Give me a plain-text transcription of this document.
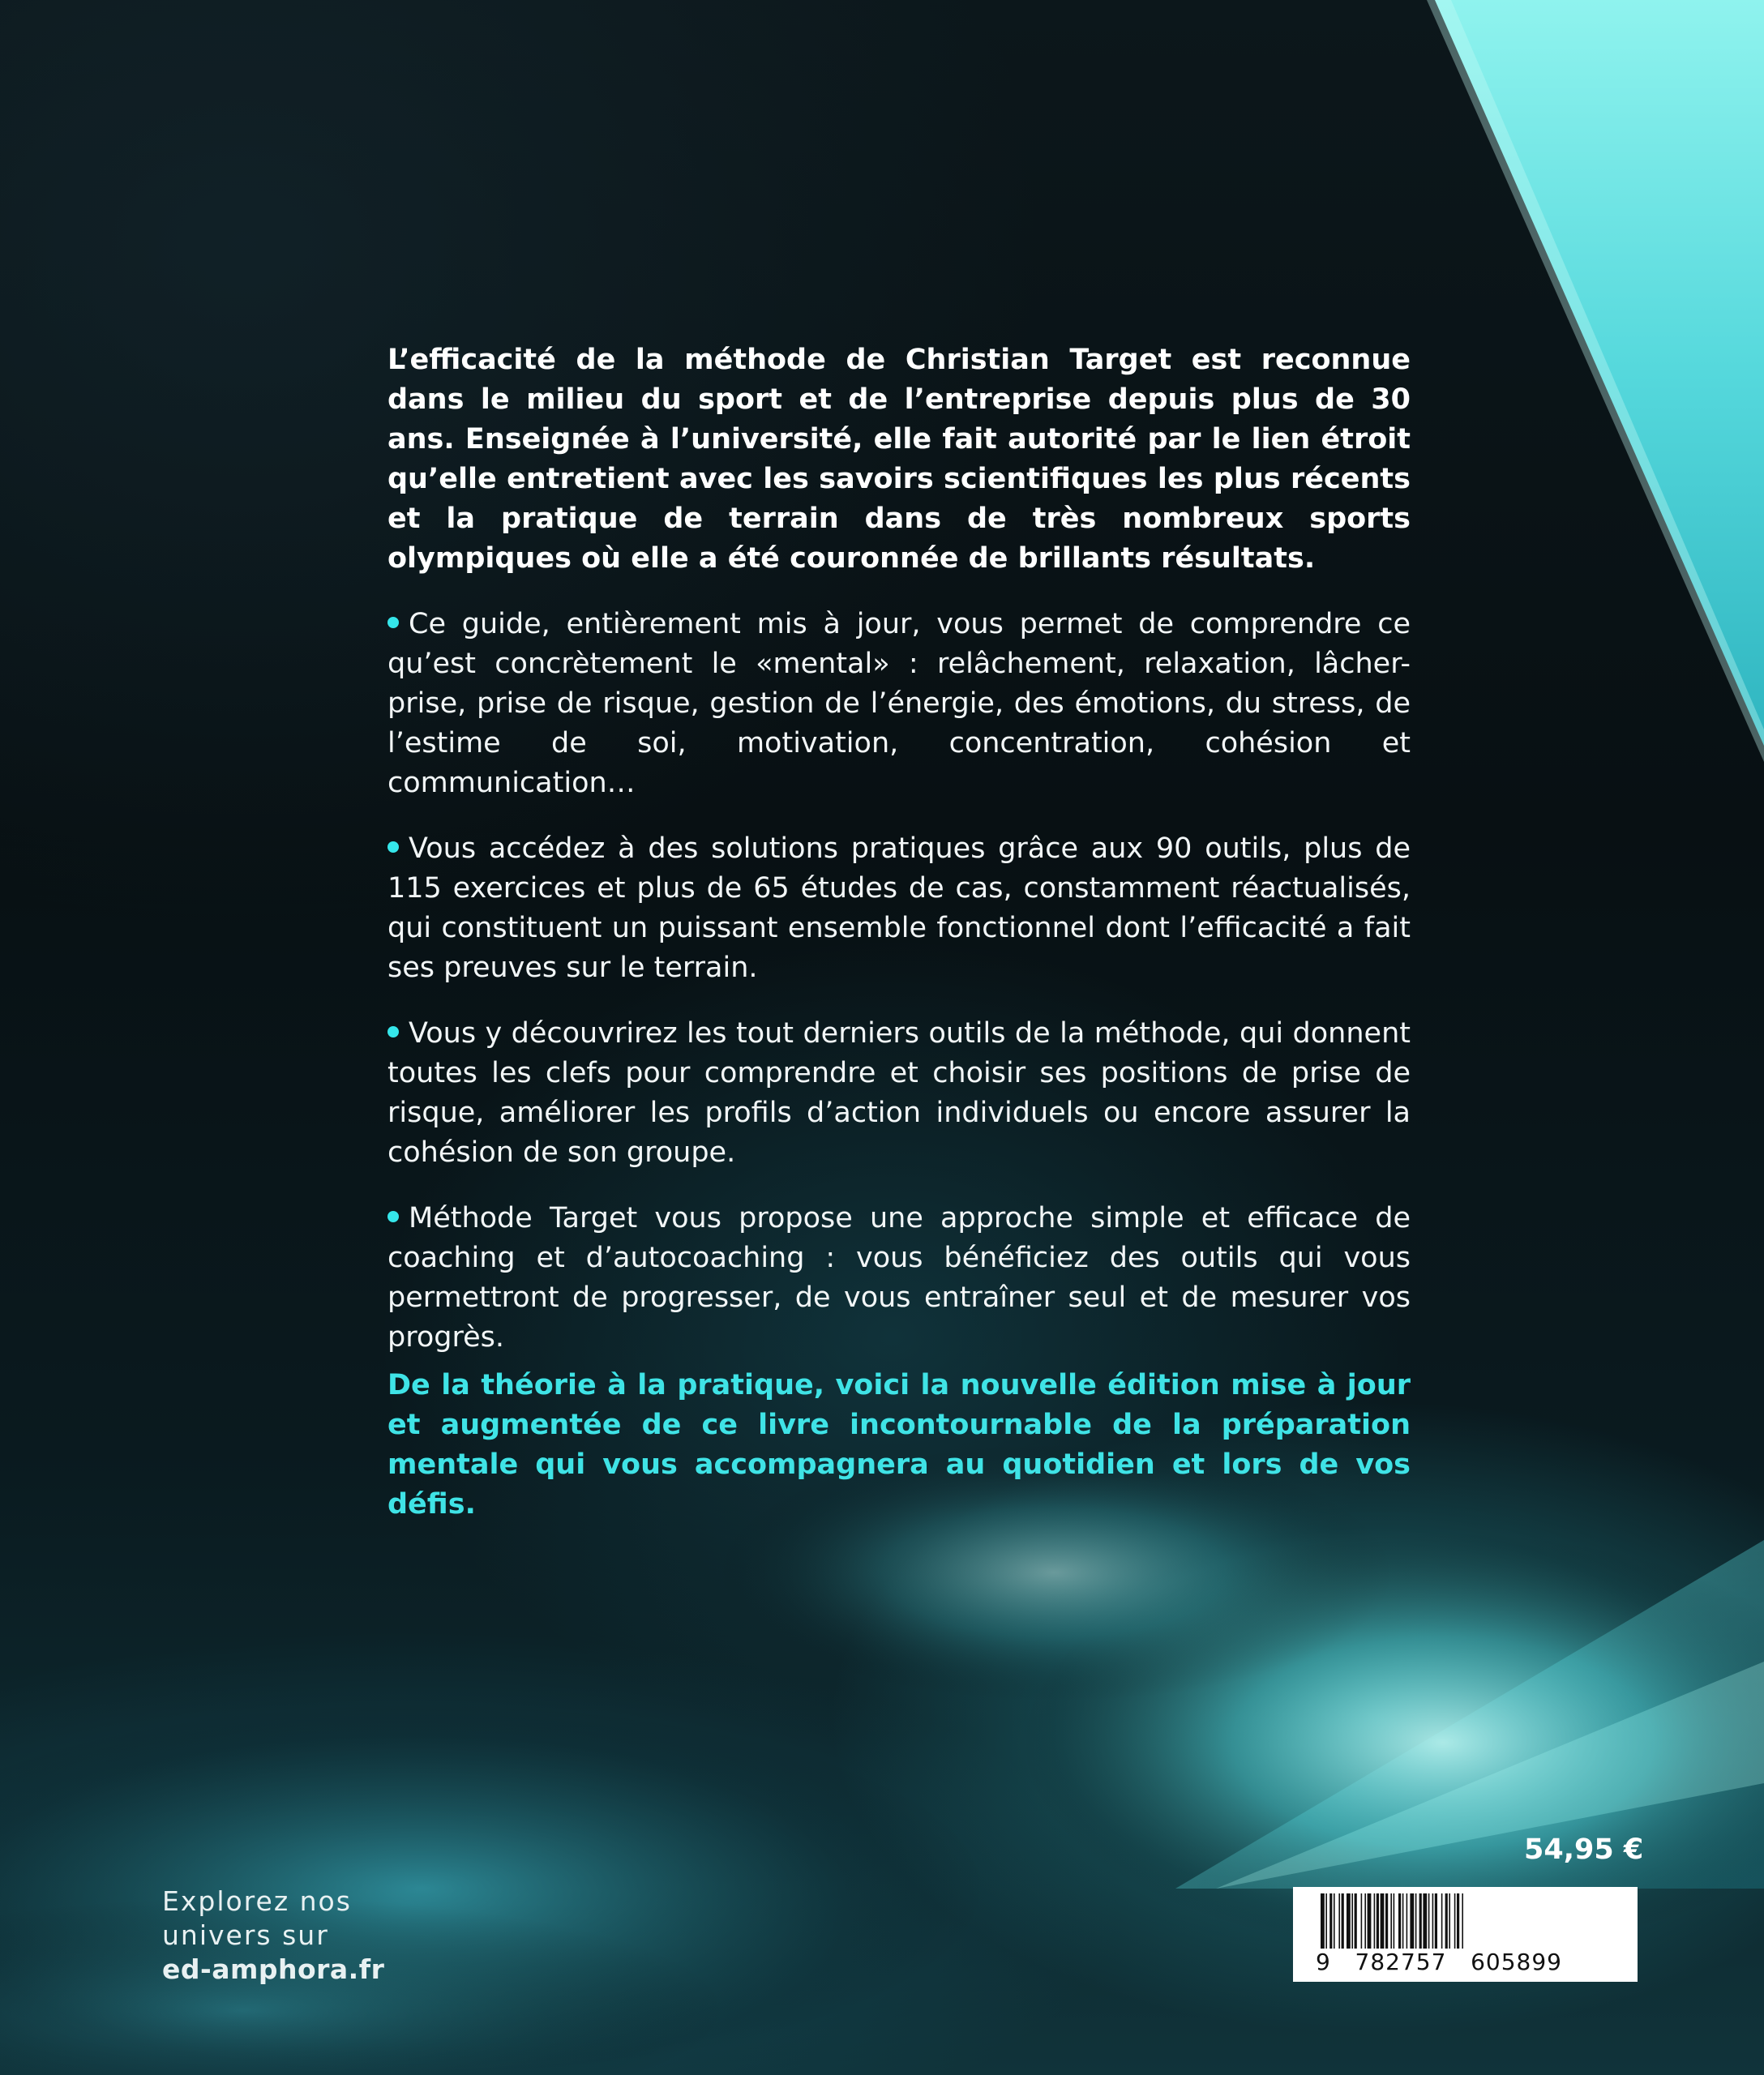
L’efficacité de la méthode de Christian Target est reconnue dans le milieu du sport et de l’entreprise depuis plus de 30 ans. Enseignée à l’université, elle fait autorité par le lien étroit qu’elle entretient avec les savoirs scientifiques les plus récents et la pratique de terrain dans de très nombreux sports olympiques où elle a été couronnée de brillants résultats.

Ce guide, entièrement mis à jour, vous permet de comprendre ce qu’est concrètement le «mental» : relâchement, relaxation, lâcher-prise, prise de risque, gestion de l’énergie, des émotions, du stress, de l’estime de soi, motivation, concentration, cohésion et communication…

Vous accédez à des solutions pratiques grâce aux 90 outils, plus de 115 exercices et plus de 65 études de cas, constamment réactualisés, qui constituent un puissant ensemble fonctionnel dont l’efficacité a fait ses preuves sur le terrain.

Vous y découvrirez les tout derniers outils de la méthode, qui donnent toutes les clefs pour comprendre et choisir ses positions de prise de risque, améliorer les profils d’action individuels ou encore assurer la cohésion de son groupe.

Méthode Target vous propose une approche simple et efficace de coaching et d’autocoaching : vous bénéficiez des outils qui vous permettront de progresser, de vous entraîner seul et de mesurer vos progrès.

De la théorie à la pratique, voici la nouvelle édition mise à jour et augmentée de ce livre incontournable de la préparation mentale qui vous accompagnera au quotidien et lors de vos défis.

Explorez nos
univers sur
ed-amphora.fr
54,95 €
9   782757   605899
